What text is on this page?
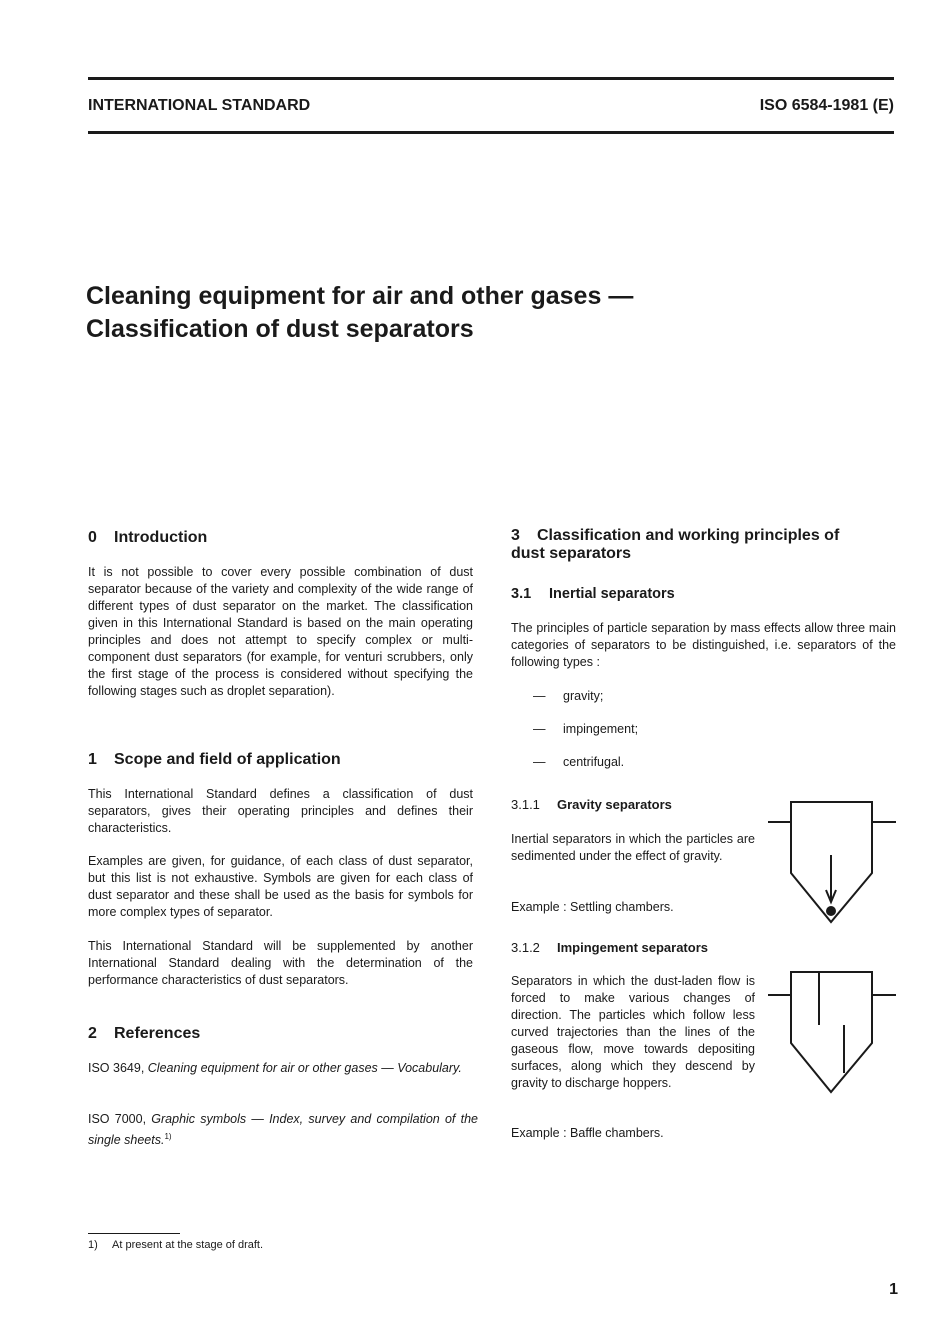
INTERNATIONAL STANDARD	ISO 6584-1981 (E)
Cleaning equipment for air and other gases —
Classification of dust separators
0 Introduction
It is not possible to cover every possible combination of dust separator because of the variety and complexity of the wide range of different types of dust separator on the market. The classification given in this International Standard is based on the main operating principles and does not attempt to specify complex or multi-component dust separators (for example, for venturi scrubbers, only the first stage of the process is considered without specifying the following stages such as droplet separation).
1 Scope and field of application
This International Standard defines a classification of dust separators, gives their operating principles and defines their characteristics.
Examples are given, for guidance, of each class of dust separator, but this list is not exhaustive. Symbols are given for each class of dust separator and these shall be used as the basis for symbols for more complex types of separator.
This International Standard will be supplemented by another International Standard dealing with the determination of the performance characteristics of dust separators.
2 References
ISO 3649, Cleaning equipment for air or other gases — Vocabulary.
ISO 7000, Graphic symbols — Index, survey and compilation of the single sheets.$^{1)}$
3 Classification and working principles of
dust separators
3.1 Inertial separators
The principles of particle separation by mass effects allow three main categories of separators to be distinguished, i.e. separators of the following types :
— gravity;
— impingement;
— centrifugal.
3.1.1 Gravity separators
Inertial separators in which the particles are sedimented under the effect of gravity.
Example : Settling chambers.
3.1.2 Impingement separators
Separators in which the dust-laden flow is forced to make various changes of direction. The particles which follow less curved trajectories than the lines of the gaseous flow, move towards depositing surfaces, along which they descend by gravity to discharge hoppers.
Example : Baffle chambers.
1) At present at the stage of draft.
1
